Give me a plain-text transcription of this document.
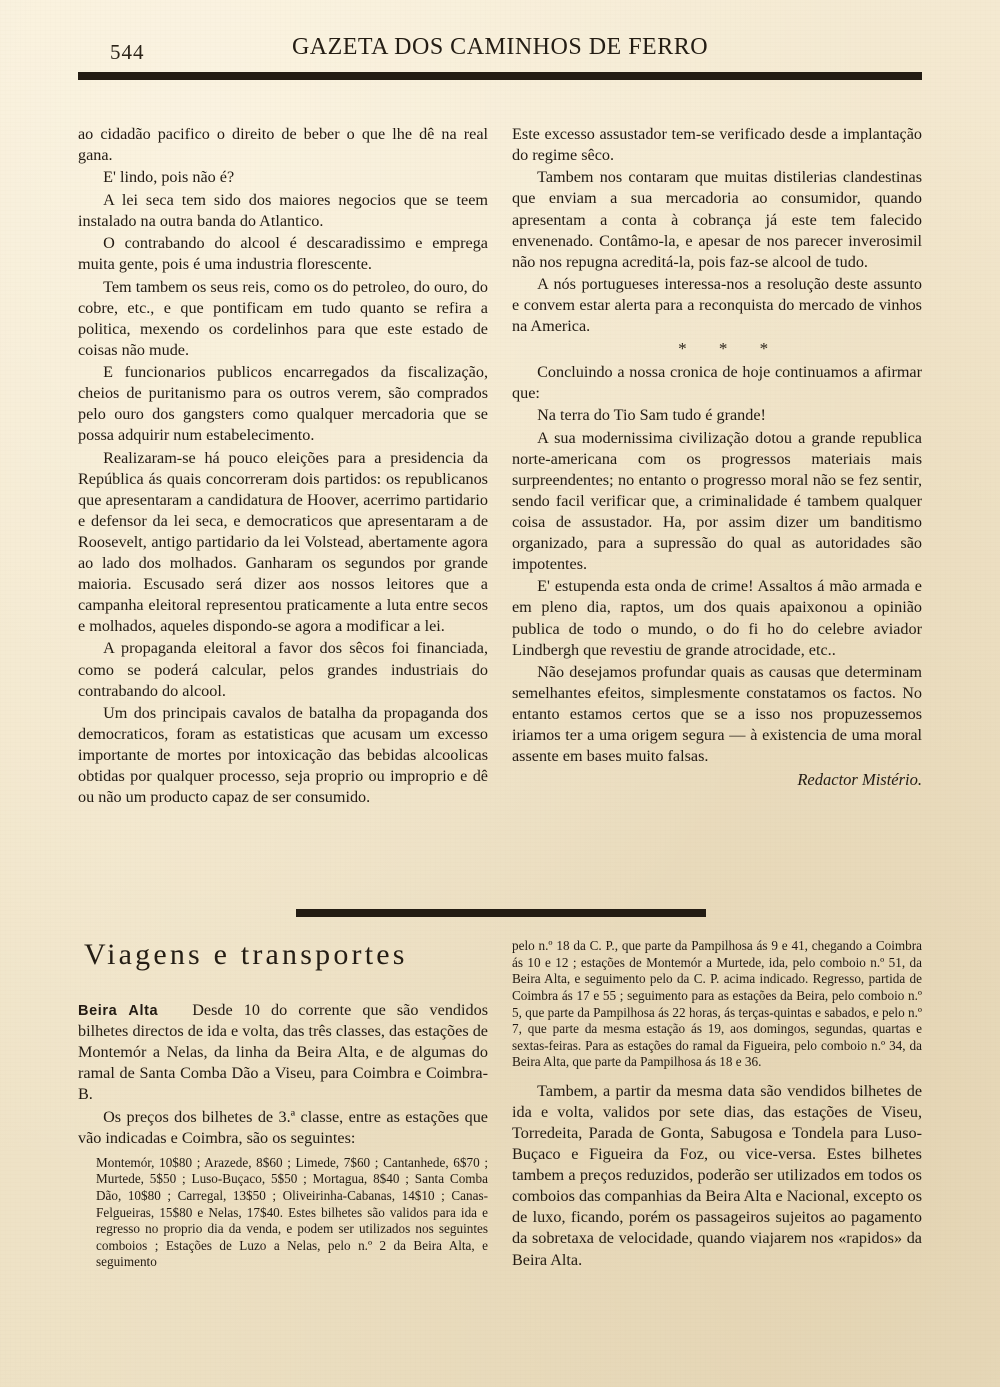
544	GAZETA DOS CAMINHOS DE FERRO

ao cidadão pacifico o direito de beber o que lhe dê na real gana.

E' lindo, pois não é?

A lei seca tem sido dos maiores negocios que se teem instalado na outra banda do Atlantico.

O contrabando do alcool é descaradissimo e emprega muita gente, pois é uma industria florescente.

Tem tambem os seus reis, como os do petroleo, do ouro, do cobre, etc., e que pontificam em tudo quanto se refira a politica, mexendo os cordelinhos para que este estado de coisas não mude.

E funcionarios publicos encarregados da fiscalização, cheios de puritanismo para os outros verem, são comprados pelo ouro dos gangsters como qualquer mercadoria que se possa adquirir num estabelecimento.

Realizaram-se há pouco eleições para a presidencia da República ás quais concorreram dois partidos: os republicanos que apresentaram a candidatura de Hoover, acerrimo partidario e defensor da lei seca, e democraticos que apresentaram a de Roosevelt, antigo partidario da lei Volstead, abertamente agora ao lado dos molhados. Ganharam os segundos por grande maioria. Escusado será dizer aos nossos leitores que a campanha eleitoral representou praticamente a luta entre secos e molhados, aqueles dispondo-se agora a modificar a lei.

A propaganda eleitoral a favor dos sêcos foi financiada, como se poderá calcular, pelos grandes industriais do contrabando do alcool.

Um dos principais cavalos de batalha da propaganda dos democraticos, foram as estatisticas que acusam um excesso importante de mortes por intoxicação das bebidas alcoolicas obtidas por qualquer processo, seja proprio ou improprio e dê ou não um producto capaz de ser consumido.

Este excesso assustador tem-se verificado desde a implantação do regime sêco.

Tambem nos contaram que muitas distilerias clandestinas que enviam a sua mercadoria ao consumidor, quando apresentam a conta à cobrança já este tem falecido envenenado. Contâmo-la, e apesar de nos parecer inverosimil não nos repugna acreditá-la, pois faz-se alcool de tudo.

A nós portugueses interessa-nos a resolução deste assunto e convem estar alerta para a reconquista do mercado de vinhos na America.

* * *

Concluindo a nossa cronica de hoje continuamos a afirmar que:

Na terra do Tio Sam tudo é grande!

A sua modernissima civilização dotou a grande republica norte-americana com os progressos materiais mais surpreendentes; no entanto o progresso moral não se fez sentir, sendo facil verificar que, a criminalidade é tambem qualquer coisa de assustador. Ha, por assim dizer um banditismo organizado, para a supressão do qual as autoridades são impotentes.

E' estupenda esta onda de crime! Assaltos á mão armada e em pleno dia, raptos, um dos quais apaixonou a opinião publica de todo o mundo, o do fi ho do celebre aviador Lindbergh que revestiu de grande atrocidade, etc..

Não desejamos profundar quais as causas que determinam semelhantes efeitos, simplesmente constatamos os factos. No entanto estamos certos que se a isso nos propuzessemos iriamos ter a uma origem segura — à existencia de uma moral assente em bases muito falsas.

Redactor Mistério.

Viagens e transportes

Beira Alta Desde 10 do corrente que são vendidos bilhetes directos de ida e volta, das três classes, das estações de Montemór a Nelas, da linha da Beira Alta, e de algumas do ramal de Santa Comba Dão a Viseu, para Coimbra e Coimbra-B.

Os preços dos bilhetes de 3.ª classe, entre as estações que vão indicadas e Coimbra, são os seguintes:

Montemór, 10$80 ; Arazede, 8$60 ; Limede, 7$60 ; Cantanhede, 6$70 ; Murtede, 5$50 ; Luso-Buçaco, 5$50 ; Mortagua, 8$40 ; Santa Comba Dão, 10$80 ; Carregal, 13$50 ; Oliveirinha-Cabanas, 14$10 ; Canas-Felgueiras, 15$80 e Nelas, 17$40. Estes bilhetes são validos para ida e regresso no proprio dia da venda, e podem ser utilizados nos seguintes comboios ; Estações de Luzo a Nelas, pelo n.º 2 da Beira Alta, e seguimento

pelo n.º 18 da C. P., que parte da Pampilhosa ás 9 e 41, chegando a Coimbra ás 10 e 12 ; estações de Montemór a Murtede, ida, pelo comboio n.º 51, da Beira Alta, e seguimento pelo da C. P. acima indicado. Regresso, partida de Coimbra ás 17 e 55 ; seguimento para as estações da Beira, pelo comboio n.º 5, que parte da Pampilhosa ás 22 horas, ás terças-quintas e sabados, e pelo n.º 7, que parte da mesma estação ás 19, aos domingos, segundas, quartas e sextas-feiras. Para as estações do ramal da Figueira, pelo comboio n.º 34, da Beira Alta, que parte da Pampilhosa ás 18 e 36.

Tambem, a partir da mesma data são vendidos bilhetes de ida e volta, validos por sete dias, das estações de Viseu, Torredeita, Parada de Gonta, Sabugosa e Tondela para Luso-Buçaco e Figueira da Foz, ou vice-versa. Estes bilhetes tambem a preços reduzidos, poderão ser utilizados em todos os comboios das companhias da Beira Alta e Nacional, excepto os de luxo, ficando, porém os passageiros sujeitos ao pagamento da sobretaxa de velocidade, quando viajarem nos «rapidos» da Beira Alta.
